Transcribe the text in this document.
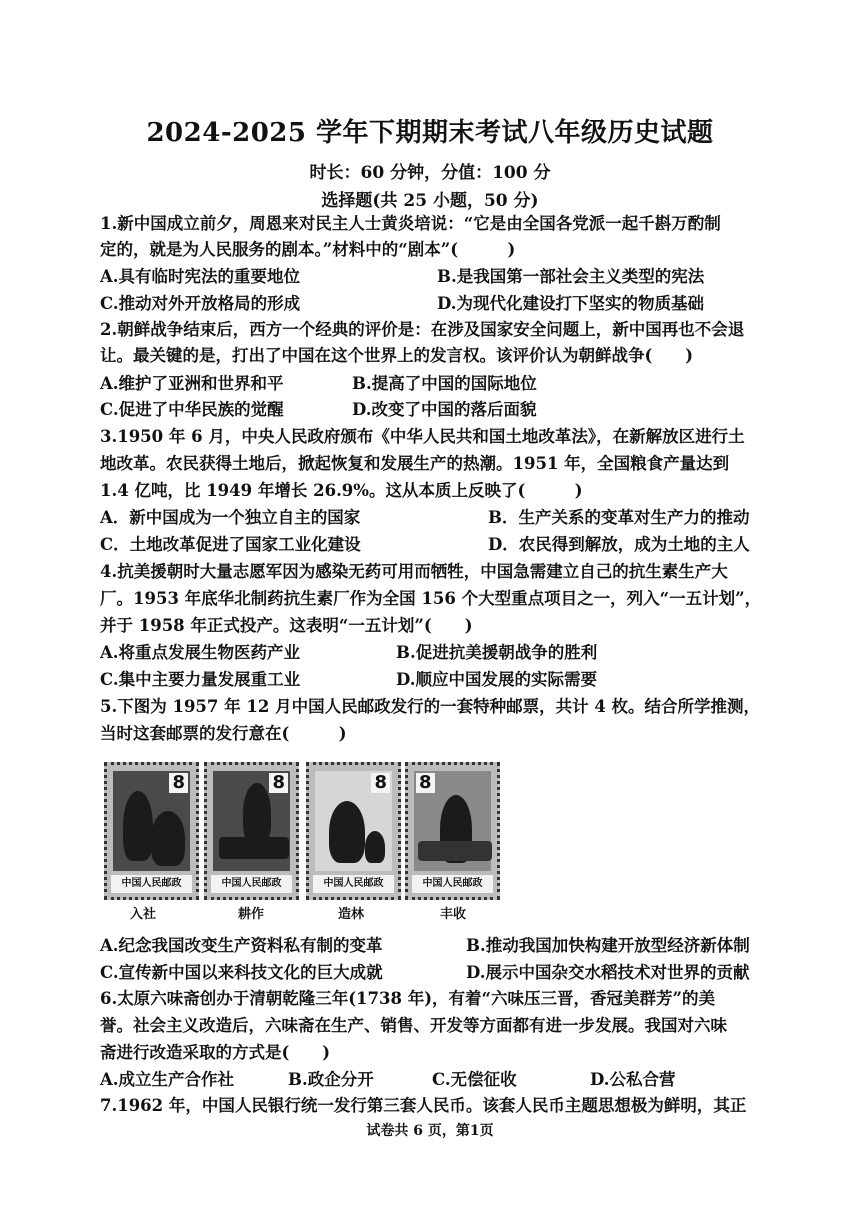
2024-2025 学年下期期末考试八年级历史试题
时长：60 分钟，分值：100 分
选择题(共 25 小题，50 分)
1.新中国成立前夕，周恩来对民主人士黄炎培说：“它是由全国各党派一起千斟万酌制
定的，就是为人民服务的剧本。”材料中的“剧本”(　　　)
A.具有临时宪法的重要地位	B.是我国第一部社会主义类型的宪法
C.推动对外开放格局的形成	D.为现代化建设打下坚实的物质基础
2.朝鲜战争结束后，西方一个经典的评价是：在涉及国家安全问题上，新中国再也不会退
让。最关键的是，打出了中国在这个世界上的发言权。该评价认为朝鲜战争(　　)
A.维护了亚洲和世界和平	B.提高了中国的国际地位
C.促进了中华民族的觉醒	D.改变了中国的落后面貌
3.1950 年 6 月，中央人民政府颁布《中华人民共和国土地改革法》，在新解放区进行土
地改革。农民获得土地后，掀起恢复和发展生产的热潮。1951 年，全国粮食产量达到
1.4 亿吨，比 1949 年增长 26.9%。这从本质上反映了(　　　)
A．新中国成为一个独立自主的国家	B．生产关系的变革对生产力的推动
C．土地改革促进了国家工业化建设	D．农民得到解放，成为土地的主人
4.抗美援朝时大量志愿军因为感染无药可用而牺牲，中国急需建立自己的抗生素生产大
厂。1953 年底华北制药抗生素厂作为全国 156 个大型重点项目之一，列入“一五计划”，
并于 1958 年正式投产。这表明“一五计划”(　　)
A.将重点发展生物医药产业	B.促进抗美援朝战争的胜利
C.集中主要力量发展重工业	D.顺应中国发展的实际需要
5.下图为 1957 年 12 月中国人民邮政发行的一套特种邮票，共计 4 枚。结合所学推测，
当时这套邮票的发行意在(　　　)
8
中国人民邮政
8
中国人民邮政
8
中国人民邮政
8
中国人民邮政
入社	耕作	造林	丰收
A.纪念我国改变生产资料私有制的变革	B.推动我国加快构建开放型经济新体制
C.宣传新中国以来科技文化的巨大成就	D.展示中国杂交水稻技术对世界的贡献
6.太原六味斋创办于清朝乾隆三年(1738 年)，有着“六味压三晋，香冠美群芳”的美
誉。社会主义改造后，六味斋在生产、销售、开发等方面都有进一步发展。我国对六味
斋进行改造采取的方式是(　　)
A.成立生产合作社	B.政企分开	C.无偿征收	D.公私合营
7.1962 年，中国人民银行统一发行第三套人民币。该套人民币主题思想极为鲜明，其正
试卷共 6 页，第1页
